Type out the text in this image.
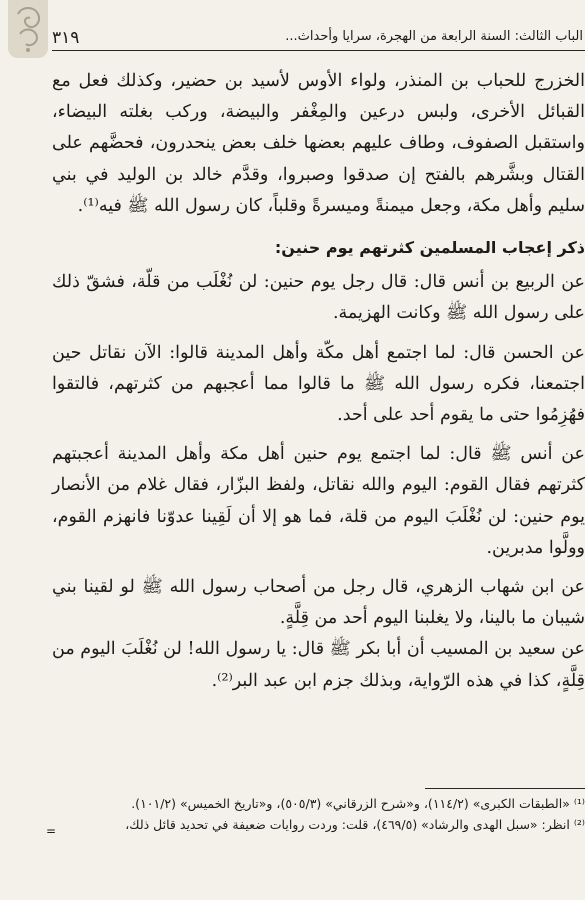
٣١٩	الباب الثالث: السنة الرابعة من الهجرة، سرايا وأحداث...

الخزرج للحباب بن المنذر، ولواء الأوس لأسيد بن حضير، وكذلك فعل مع القبائل الأخرى، ولبس درعين والمِغْفر والبيضة، وركب بغلته البيضاء، واستقبل الصفوف، وطاف عليهم بعضها خلف بعض ينحدرون، فحضَّهم على القتال وبشَّرهم بالفتح إن صدقوا وصبروا، وقدَّم خالد بن الوليد في بني سليم وأهل مكة، وجعل ميمنةً وميسرةً وقلباً، كان رسول الله ﷺ فيه⁽¹⁾.

ذكر إعجاب المسلمين كثرتهم يوم حنين:

عن الربيع بن أنس قال: قال رجل يوم حنين: لن نُغْلَب من قلّة، فشقّ ذلك على رسول الله ﷺ وكانت الهزيمة.

عن الحسن قال: لما اجتمع أهل مكّة وأهل المدينة قالوا: الآن نقاتل حين اجتمعنا، فكره رسول الله ﷺ ما قالوا مما أعجبهم من كثرتهم، فالتقوا فهُزِمُوا حتى ما يقوم أحد على أحد.

عن أنس ﷺ قال: لما اجتمع يوم حنين أهل مكة وأهل المدينة أعجبتهم كثرتهم فقال القوم: اليوم والله نقاتل، ولفظ البزّار، فقال غلام من الأنصار يوم حنين: لن نُغْلَبَ اليوم من قلة، فما هو إلا أن لَقِينا عدوّنا فانهزم القوم، وولَّوا مدبرين.

عن ابن شهاب الزهري، قال رجل من أصحاب رسول الله ﷺ لو لقينا بني شيبان ما بالينا، ولا يغلبنا اليوم أحد من قِلَّةٍ.

عن سعيد بن المسيب أن أبا بكر ﷺ قال: يا رسول الله! لن نُغْلَبَ اليوم من قِلَّةٍ، كذا في هذه الرّواية، وبذلك جزم ابن عبد البر⁽²⁾.

⁽¹⁾ «الطبقات الكبرى» (١١٤/٢)، و«شرح الزرقاني» (٥٠٥/٣)، و«تاريخ الخميس» (١٠١/٢).

⁽²⁾ انظر: «سبل الهدى والرشاد» (٤٦٩/٥)، قلت: وردت روايات ضعيفة في تحديد قائل ذلك،

=
